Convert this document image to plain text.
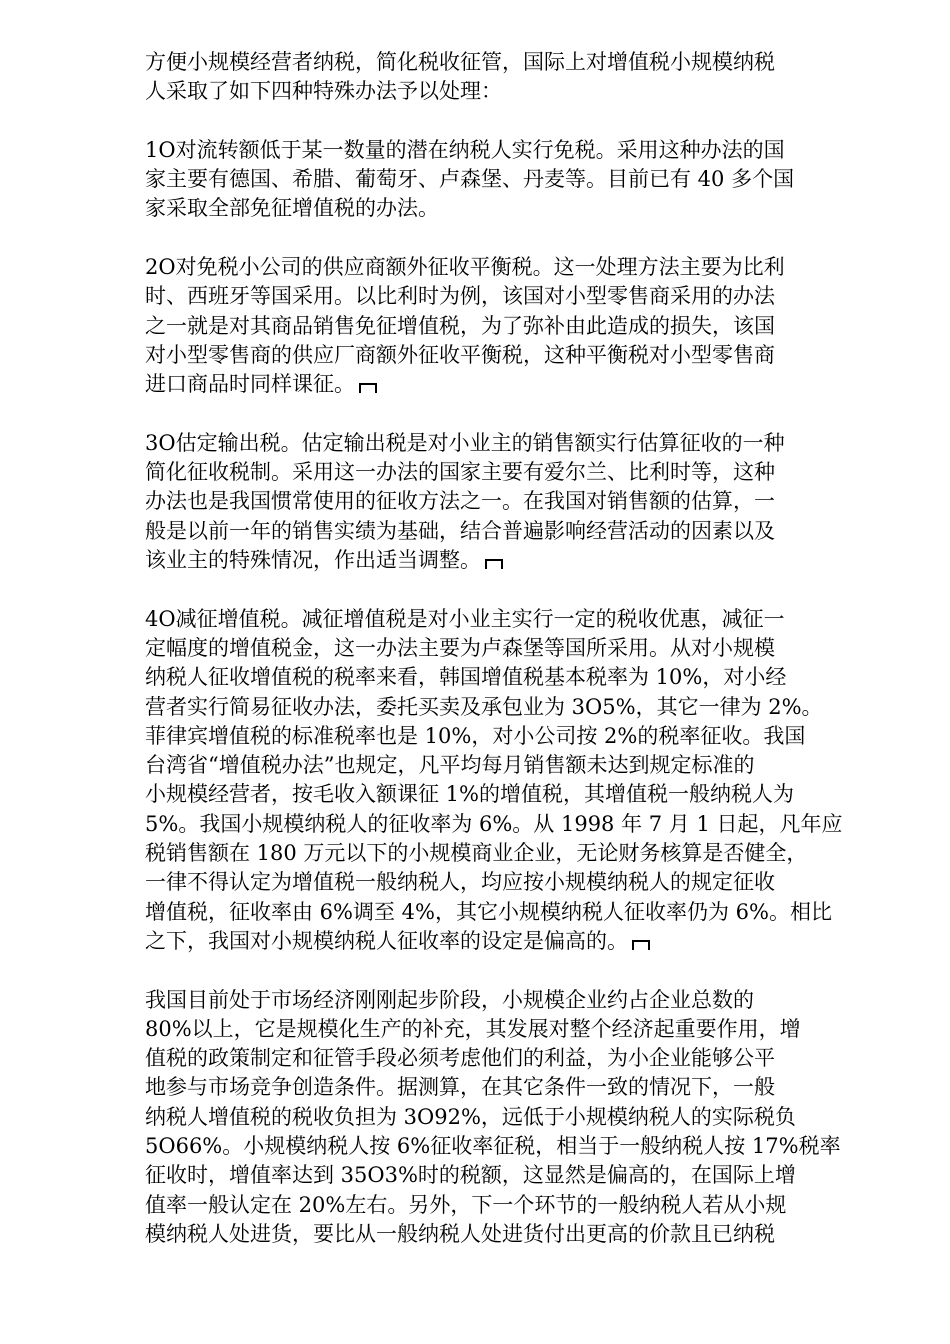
方便小规模经营者纳税，简化税收征管，国际上对增值税小规模纳税
人采取了如下四种特殊办法予以处理：

1O对流转额低于某一数量的潜在纳税人实行免税。采用这种办法的国
家主要有德国、希腊、葡萄牙、卢森堡、丹麦等。目前已有 40 多个国
家采取全部免征增值税的办法。

2O对免税小公司的供应商额外征收平衡税。这一处理方法主要为比利
时、西班牙等国采用。以比利时为例，该国对小型零售商采用的办法
之一就是对其商品销售免征增值税，为了弥补由此造成的损失，该国
对小型零售商的供应厂商额外征收平衡税，这种平衡税对小型零售商
进口商品时同样课征。

3O估定输出税。估定输出税是对小业主的销售额实行估算征收的一种
简化征收税制。采用这一办法的国家主要有爱尔兰、比利时等，这种
办法也是我国惯常使用的征收方法之一。在我国对销售额的估算，一
般是以前一年的销售实绩为基础，结合普遍影响经营活动的因素以及
该业主的特殊情况，作出适当调整。

4O减征增值税。减征增值税是对小业主实行一定的税收优惠，减征一
定幅度的增值税金，这一办法主要为卢森堡等国所采用。从对小规模
纳税人征收增值税的税率来看，韩国增值税基本税率为 10%，对小经
营者实行简易征收办法，委托买卖及承包业为 3O5%，其它一律为 2%。
菲律宾增值税的标准税率也是 10%，对小公司按 2%的税率征收。我国
台湾省“增值税办法”也规定，凡平均每月销售额未达到规定标准的
小规模经营者，按毛收入额课征 1%的增值税，其增值税一般纳税人为
5%。我国小规模纳税人的征收率为 6%。从 1998 年 7 月 1 日起，凡年应
税销售额在 180 万元以下的小规模商业企业，无论财务核算是否健全，
一律不得认定为增值税一般纳税人，均应按小规模纳税人的规定征收
增值税，征收率由 6%调至 4%，其它小规模纳税人征收率仍为 6%。相比
之下，我国对小规模纳税人征收率的设定是偏高的。

我国目前处于市场经济刚刚起步阶段，小规模企业约占企业总数的
80%以上，它是规模化生产的补充，其发展对整个经济起重要作用，增
值税的政策制定和征管手段必须考虑他们的利益，为小企业能够公平
地参与市场竞争创造条件。据测算，在其它条件一致的情况下，一般
纳税人增值税的税收负担为 3O92%，远低于小规模纳税人的实际税负
5O66%。小规模纳税人按 6%征收率征税，相当于一般纳税人按 17%税率
征收时，增值率达到 35O3%时的税额，这显然是偏高的，在国际上增
值率一般认定在 20%左右。另外，下一个环节的一般纳税人若从小规
模纳税人处进货，要比从一般纳税人处进货付出更高的价款且已纳税
